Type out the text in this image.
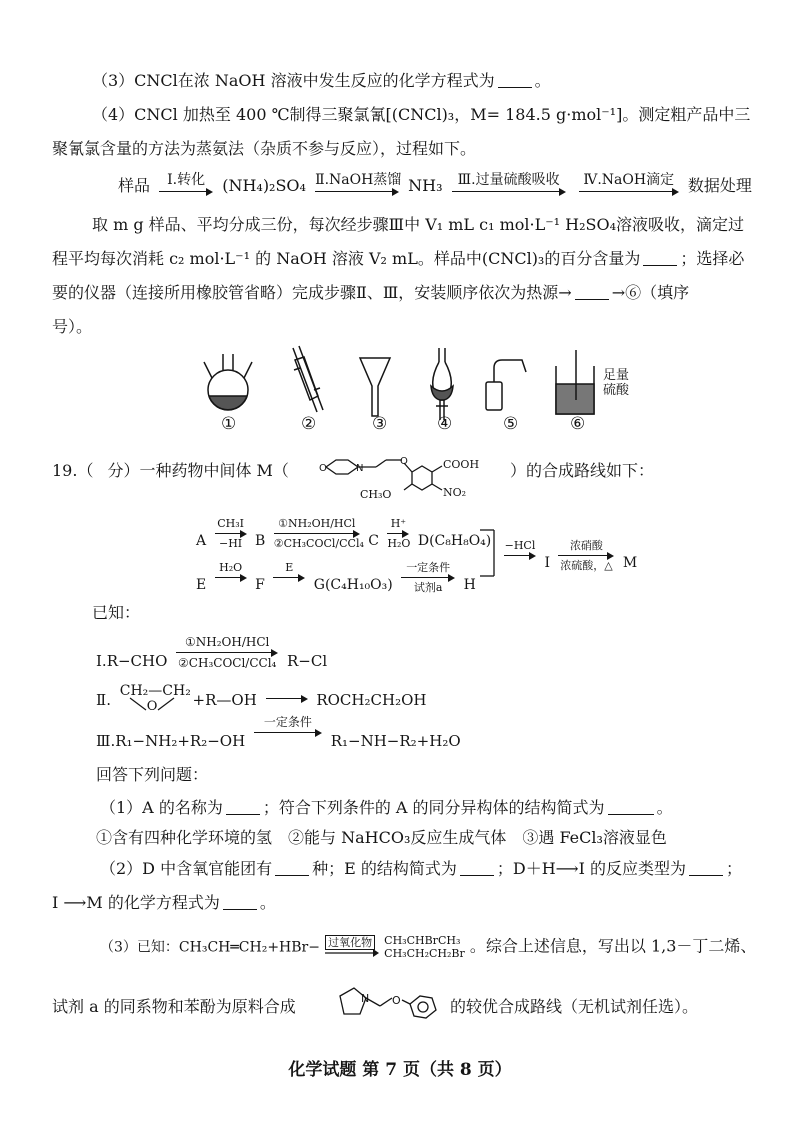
（3）CNCl在浓 NaOH 溶液中发生反应的化学方程式为	。
（4）CNCl 加热至 400 ℃制得三聚氯氰[(CNCl)₃，M= 184.5 g·mol⁻¹]。测定粗产品中三
聚氰氯含量的方法为蒸氨法（杂质不参与反应），过程如下。
样品	Ⅰ.转化	(NH₄)₂SO₄ Ⅱ.NaOH蒸馏 NH₃	Ⅲ.过量硫酸吸收
	Ⅳ.NaOH滴定 数据处理
取 m g 样品、平均分成三份，每次经步骤Ⅲ中 V₁ mL c₁ mol·L⁻¹ H₂SO₄溶液吸收，滴定过
程平均每次消耗 c₂ mol·L⁻¹ 的 NaOH 溶液 V₂ mL。样品中(CNCl)₃的百分含量为	；选择必
要的仪器（连接所用橡胶管省略）完成步骤Ⅱ、Ⅲ，安装顺序依次为热源→	→⑥（填序
号）。
足量
硫酸
①	②	③	④	⑤	⑥
19.（ 分）一种药物中间体 M（	O	N
O	COOH
NO₂
CH₃O
）的合成路线如下：
A
CH₃I
−HI B
①NH₂OH/HCl
②CH₃COCl/CCl₄ C
H⁺
H₂O D(C₈H₈O₄)
E
H₂O

F
E

G(C₄H₁₀O₃)
一定条件
试剂a	H
−HCl

I
浓硝酸
浓硫酸，△ M
已知：
Ⅰ.R−CHO
①NH₂OH/HCl
②CH₃COCl/CCl₄ R−Cl
Ⅱ. CH₂—CH₂
O +R—OH

	ROCH₂CH₂OH
Ⅲ.R₁−NH₂+R₂−OH
一定条件

R₁−NH−R₂+H₂O
回答下列问题：
（1）A 的名称为	；符合下列条件的 A 的同分异构体的结构简式为	。
①含有四种化学环境的氢　②能与 NaHCO₃反应生成气体　③遇 FeCl₃溶液显色
（2）D 中含氧官能团有	种；E 的结构简式为	；D＋H⟶I 的反应类型为	；
I ⟶M 的化学方程式为	。
（3）已知：CH₃CH═CH₂+HBr− 过氧化物
CH₃CHBrCH₃
CH₃CH₂CH₂Br 。综合上述信息，写出以 1,3－丁二烯、
试剂 a 的同系物和苯酚为原料合成	N O	的较优合成路线（无机试剂任选）。
化学试题 第 7 页（共 8 页）
